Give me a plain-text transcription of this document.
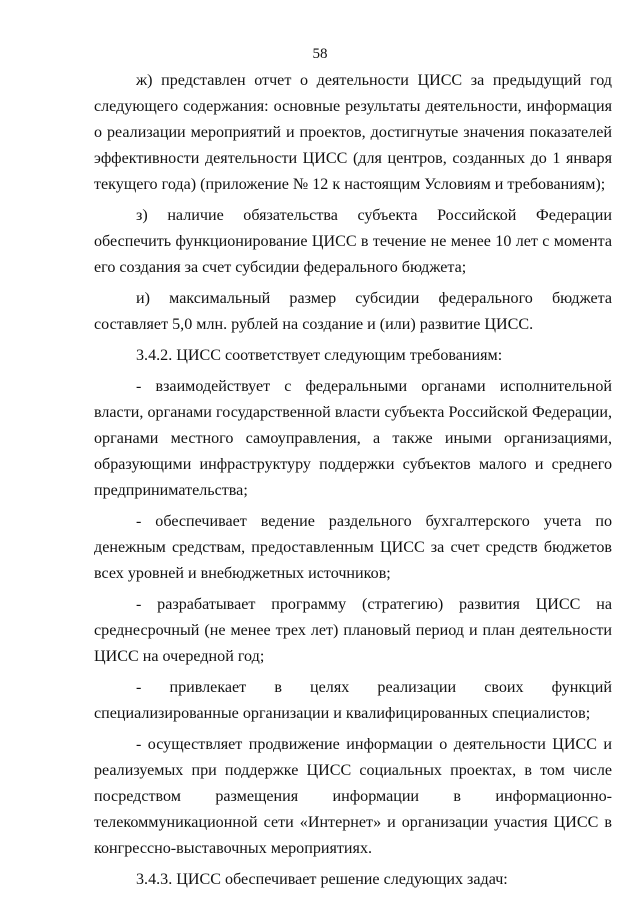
58

ж) представлен отчет о деятельности ЦИСС за предыдущий год следующего содержания: основные результаты деятельности, информация о реализации мероприятий и проектов, достигнутые значения показателей эффективности деятельности ЦИСС (для центров, созданных до 1 января текущего года) (приложение № 12 к настоящим Условиям и требованиям);

з) наличие обязательства субъекта Российской Федерации обеспечить функционирование ЦИСС в течение не менее 10 лет с момента его создания за счет субсидии федерального бюджета;

и) максимальный размер субсидии федерального бюджета составляет 5,0 млн. рублей на создание и (или) развитие ЦИСС.

3.4.2. ЦИСС соответствует следующим требованиям:

- взаимодействует с федеральными органами исполнительной власти, органами государственной власти субъекта Российской Федерации, органами местного самоуправления, а также иными организациями, образующими инфраструктуру поддержки субъектов малого и среднего предпринимательства;

- обеспечивает ведение раздельного бухгалтерского учета по денежным средствам, предоставленным ЦИСС за счет средств бюджетов всех уровней и внебюджетных источников;

- разрабатывает программу (стратегию) развития ЦИСС на среднесрочный (не менее трех лет) плановый период и план деятельности ЦИСС на очередной год;

- привлекает в целях реализации своих функций специализированные организации и квалифицированных специалистов;

- осуществляет продвижение информации о деятельности ЦИСС и реализуемых при поддержке ЦИСС социальных проектах, в том числе посредством размещения информации в информационно-телекоммуникационной сети «Интернет» и организации участия ЦИСС в конгрессно-выставочных мероприятиях.

3.4.3. ЦИСС обеспечивает решение следующих задач:
